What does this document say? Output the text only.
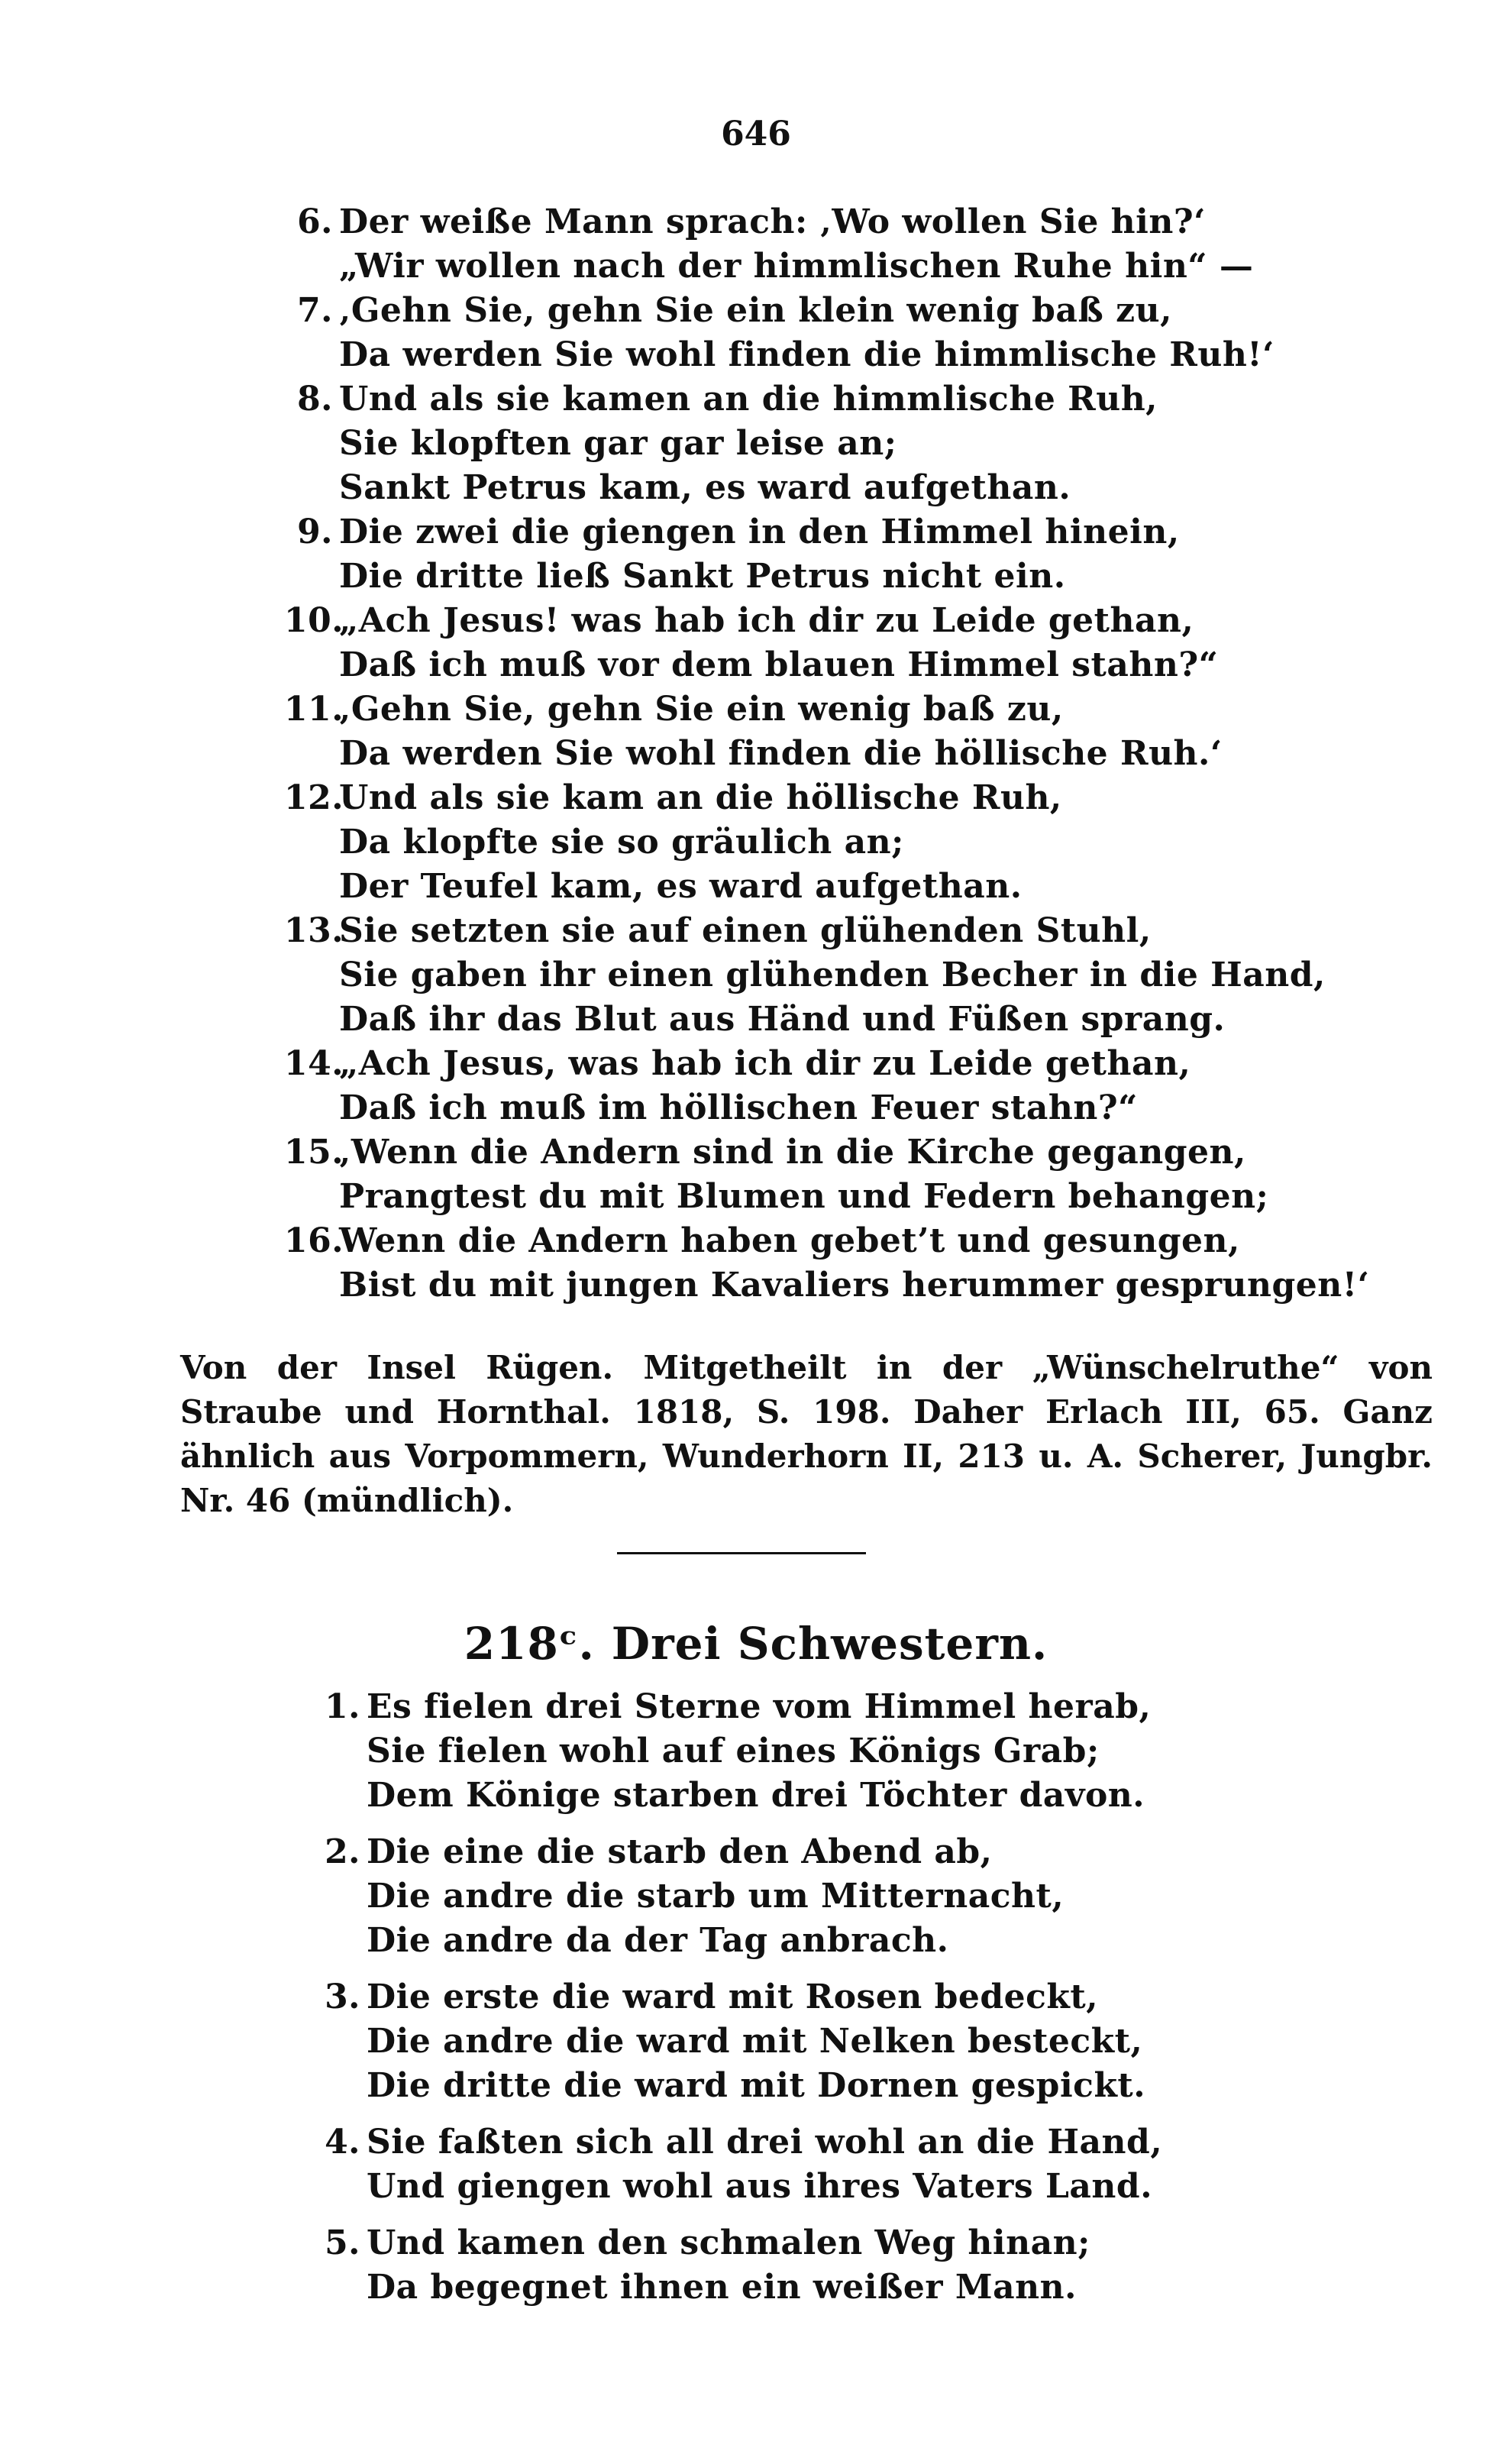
646
6. Der weiße Mann sprach: ‚Wo wollen Sie hin?‘
„Wir wollen nach der himmlischen Ruhe hin“ —
7. ‚Gehn Sie, gehn Sie ein klein wenig baß zu,
Da werden Sie wohl finden die himmlische Ruh!‘
8. Und als sie kamen an die himmlische Ruh,
Sie klopften gar gar leise an;
Sankt Petrus kam, es ward aufgethan.
9. Die zwei die giengen in den Himmel hinein,
Die dritte ließ Sankt Petrus nicht ein.
10.
„Ach Jesus! was hab ich dir zu Leide gethan,
Daß ich muß vor dem blauen Himmel stahn?“
11.
‚Gehn Sie, gehn Sie ein wenig baß zu,
Da werden Sie wohl finden die höllische Ruh.‘
12.
Und als sie kam an die höllische Ruh,
Da klopfte sie so gräulich an;
Der Teufel kam, es ward aufgethan.
13.
Sie setzten sie auf einen glühenden Stuhl,
Sie gaben ihr einen glühenden Becher in die Hand,
Daß ihr das Blut aus Händ und Füßen sprang.
14.
„Ach Jesus, was hab ich dir zu Leide gethan,
Daß ich muß im höllischen Feuer stahn?“
15.
‚Wenn die Andern sind in die Kirche gegangen,
Prangtest du mit Blumen und Federn behangen;
16.
Wenn die Andern haben gebet’t und gesungen,
Bist du mit jungen Kavaliers herummer gesprungen!‘
Von der Insel Rügen. Mitgetheilt in der „Wünschelruthe“ von Straube und Hornthal. 1818, S. 198. Daher Erlach III, 65. Ganz ähnlich aus Vorpommern, Wunderhorn II, 213 u. A. Scherer, Jungbr. Nr. 46 (mündlich).
218ᶜ. Drei Schwestern.
1. Es fielen drei Sterne vom Himmel herab,
Sie fielen wohl auf eines Königs Grab;
Dem Könige starben drei Töchter davon.
2. Die eine die starb den Abend ab,
Die andre die starb um Mitternacht,
Die andre da der Tag anbrach.
3. Die erste die ward mit Rosen bedeckt,
Die andre die ward mit Nelken besteckt,
Die dritte die ward mit Dornen gespickt.
4. Sie faßten sich all drei wohl an die Hand,
Und giengen wohl aus ihres Vaters Land.
5. Und kamen den schmalen Weg hinan;
Da begegnet ihnen ein weißer Mann.
